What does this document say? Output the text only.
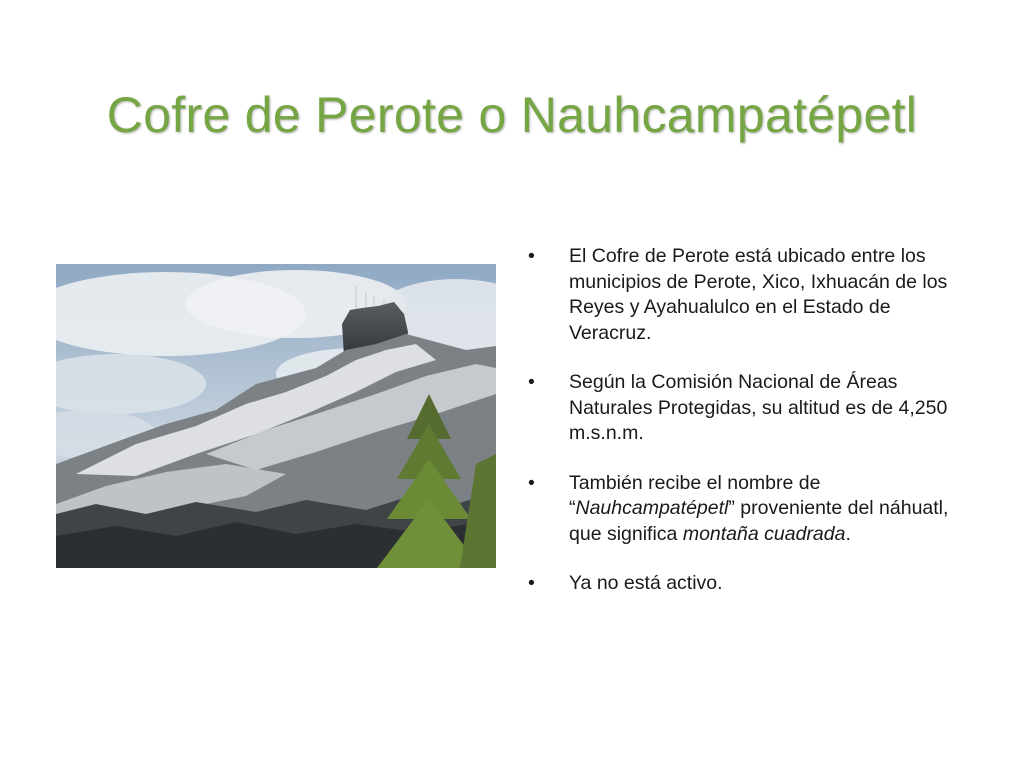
Cofre de Perote o Nauhcampatépetl
•	El Cofre de Perote está ubicado entre los municipios de Perote, Xico, Ixhuacán de los Reyes y Ayahualulco en el Estado de Veracruz.
•	Según la Comisión Nacional de Áreas Naturales Protegidas, su altitud es de 4,250 m.s.n.m.
•	También recibe el nombre de “Nauhcampatépetl” proveniente del náhuatl, que significa montaña cuadrada.
•	Ya no está activo.
